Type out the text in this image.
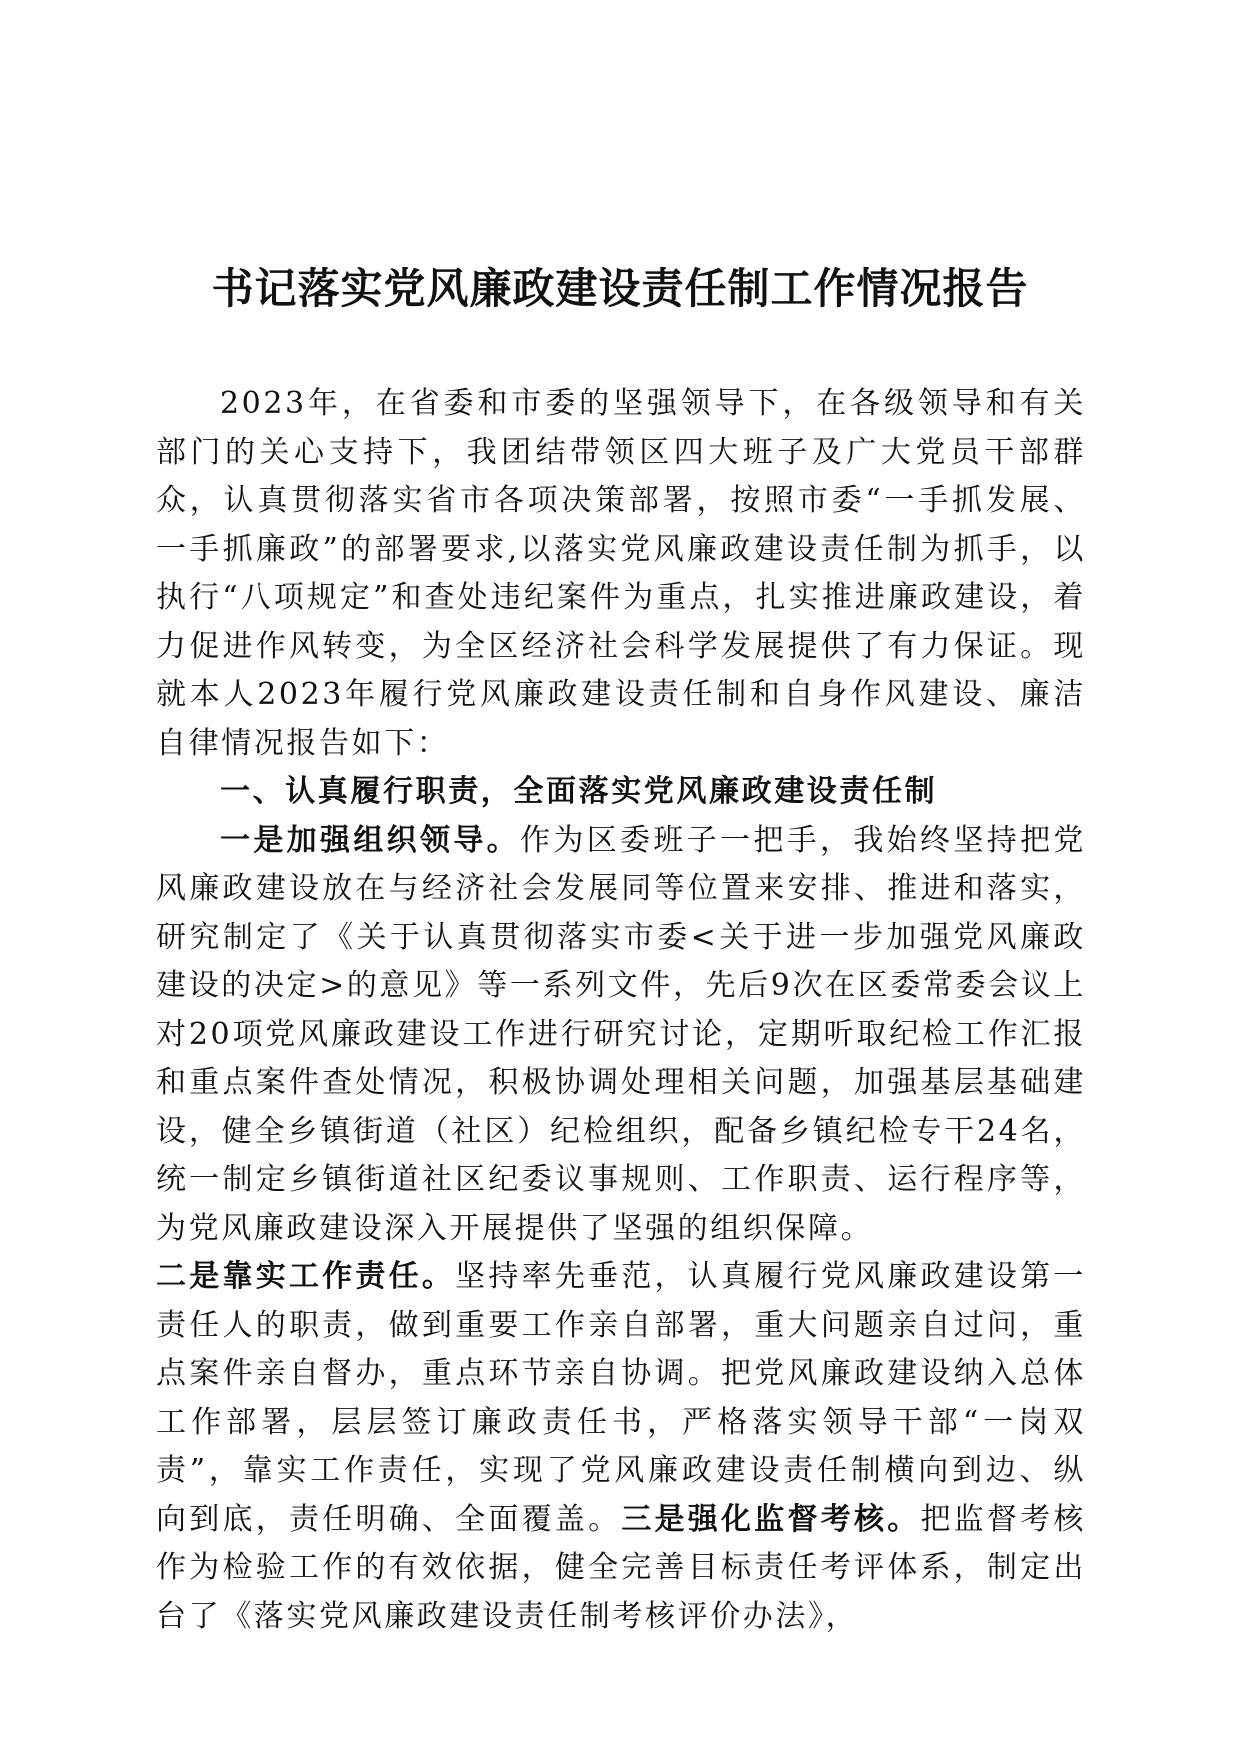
书记落实党风廉政建设责任制工作情况报告

2023年，在省委和市委的坚强领导下，在各级领导和有关部门的关心支持下，我团结带领区四大班子及广大党员干部群众，认真贯彻落实省市各项决策部署，按照市委“一手抓发展、一手抓廉政”的部署要求,以落实党风廉政建设责任制为抓手，以执行“八项规定”和查处违纪案件为重点，扎实推进廉政建设，着力促进作风转变，为全区经济社会科学发展提供了有力保证。现就本人2023年履行党风廉政建设责任制和自身作风建设、廉洁自律情况报告如下：

一、认真履行职责，全面落实党风廉政建设责任制

一是加强组织领导。作为区委班子一把手，我始终坚持把党风廉政建设放在与经济社会发展同等位置来安排、推进和落实，研究制定了《关于认真贯彻落实市委<关于进一步加强党风廉政建设的决定>的意见》等一系列文件，先后9次在区委常委会议上对20项党风廉政建设工作进行研究讨论，定期听取纪检工作汇报和重点案件查处情况，积极协调处理相关问题，加强基层基础建设，健全乡镇街道（社区）纪检组织，配备乡镇纪检专干24名，统一制定乡镇街道社区纪委议事规则、工作职责、运行程序等，为党风廉政建设深入开展提供了坚强的组织保障。

二是靠实工作责任。坚持率先垂范，认真履行党风廉政建设第一责任人的职责，做到重要工作亲自部署，重大问题亲自过问，重点案件亲自督办，重点环节亲自协调。把党风廉政建设纳入总体工作部署，层层签订廉政责任书，严格落实领导干部“一岗双责”，靠实工作责任，实现了党风廉政建设责任制横向到边、纵向到底，责任明确、全面覆盖。三是强化监督考核。把监督考核作为检验工作的有效依据，健全完善目标责任考评体系，制定出台了《落实党风廉政建设责任制考核评价办法》，
